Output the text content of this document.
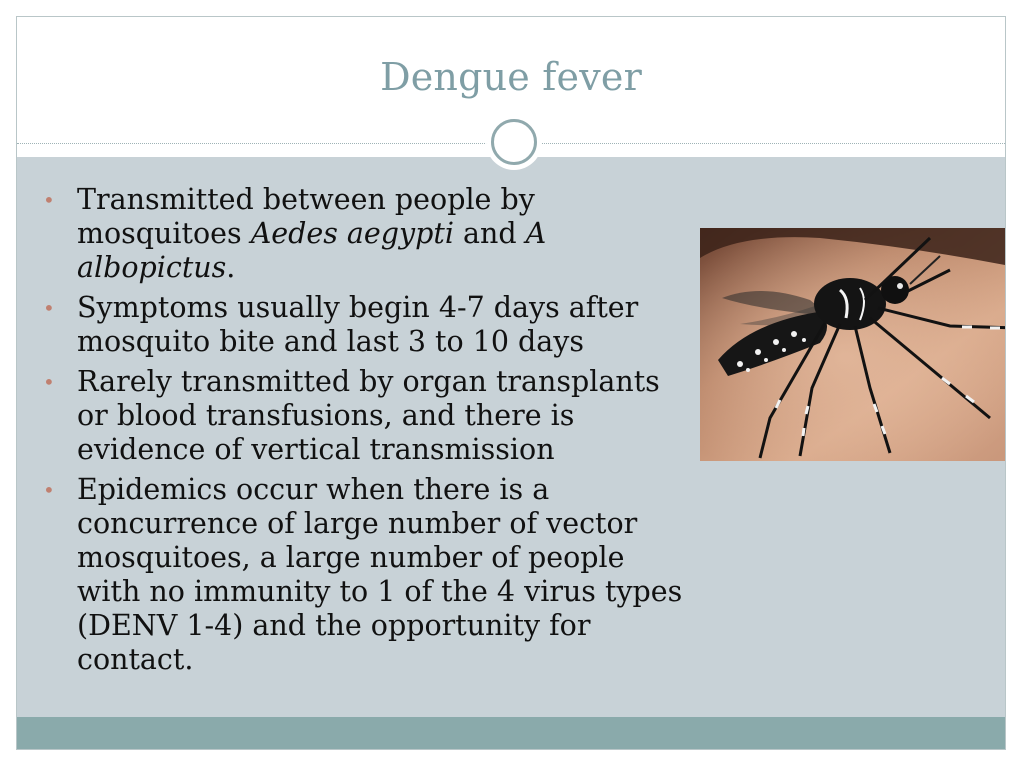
Dengue fever
• Transmitted between people by mosquitoes Aedes aegypti and A albopictus.
• Symptoms usually begin 4-7 days after mosquito bite and last 3 to 10 days
• Rarely transmitted by organ transplants or blood transfusions, and there is evidence of vertical transmission
• Epidemics occur when there is a concurrence of large number of vector mosquitoes, a large number of people with no immunity to 1 of the 4 virus types (DENV 1-4) and the opportunity for contact.
